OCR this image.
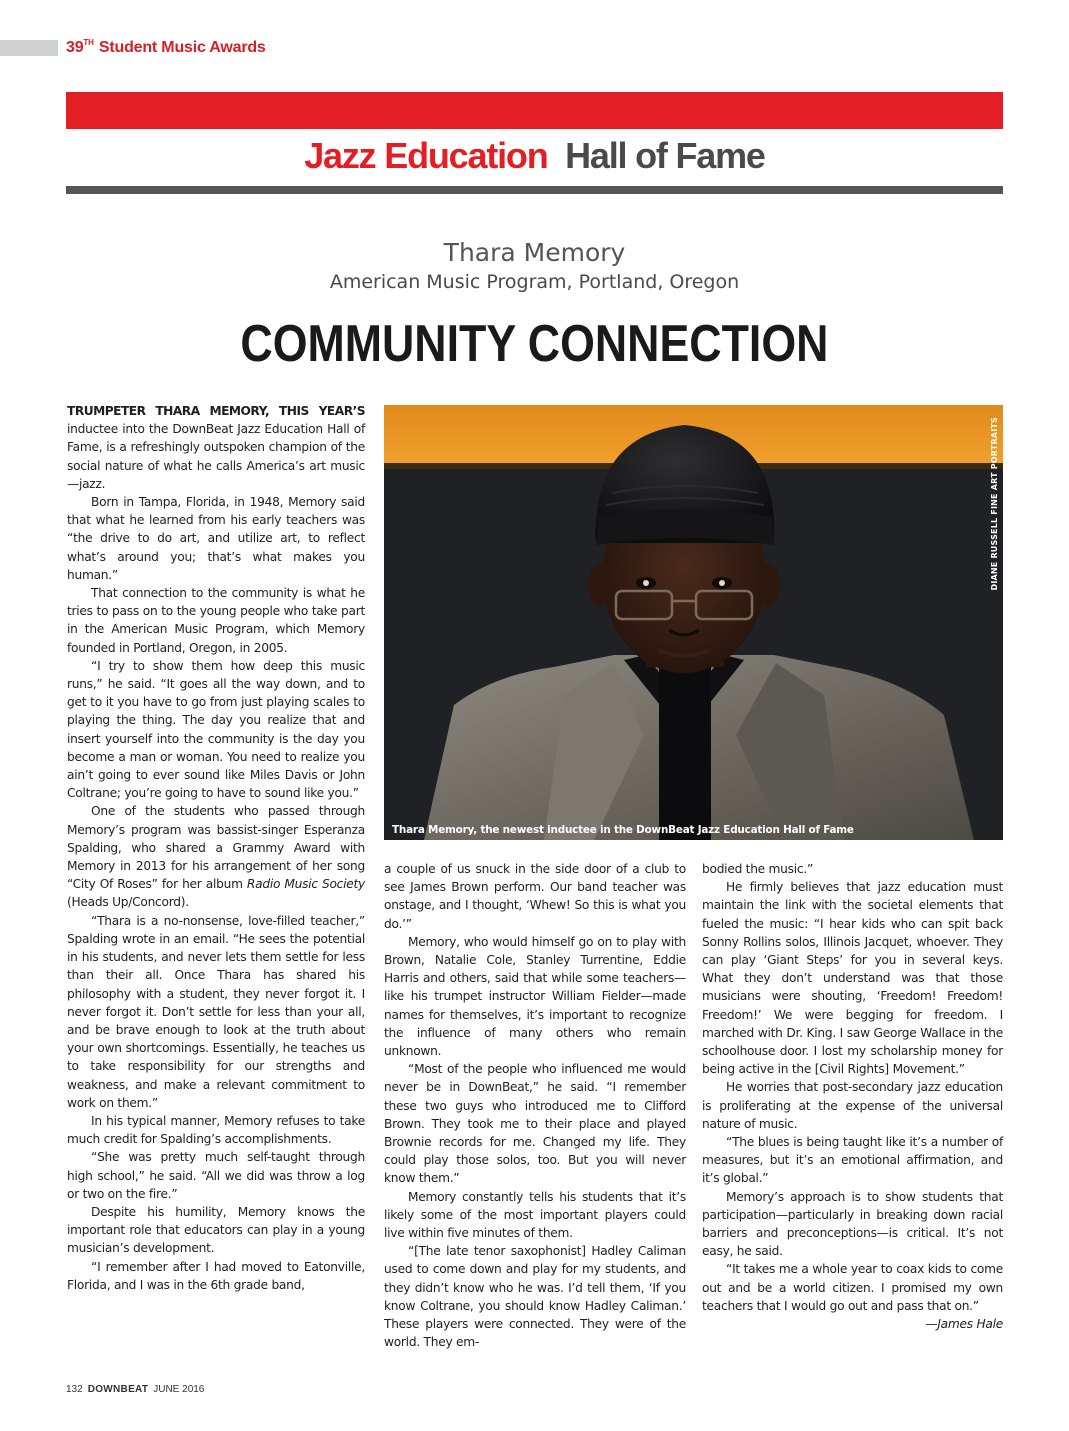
39TH Student Music Awards
Jazz Education Hall of Fame
Thara Memory
American Music Program, Portland, Oregon
COMMUNITY CONNECTION

TRUMPETER THARA MEMORY, THIS YEAR’S inductee into the DownBeat Jazz Education Hall of Fame, is a refreshingly outspoken champion of the social nature of what he calls America’s art music—jazz.

Born in Tampa, Florida, in 1948, Memory said that what he learned from his early teachers was “the drive to do art, and utilize art, to reflect what’s around you; that’s what makes you human.”

That connection to the community is what he tries to pass on to the young people who take part in the American Music Program, which Memory founded in Portland, Oregon, in 2005.

“I try to show them how deep this music runs,” he said. “It goes all the way down, and to get to it you have to go from just playing scales to playing the thing. The day you realize that and insert yourself into the community is the day you become a man or woman. You need to realize you ain’t going to ever sound like Miles Davis or John Coltrane; you’re going to have to sound like you.”

One of the students who passed through Memory’s program was bassist-singer Esperanza Spalding, who shared a Grammy Award with Memory in 2013 for his arrangement of her song “City Of Roses” for her album Radio Music Society (Heads Up/Concord).

“Thara is a no-nonsense, love-filled teacher,” Spalding wrote in an email. “He sees the potential in his students, and never lets them settle for less than their all. Once Thara has shared his philosophy with a student, they never forgot it. I never forgot it. Don’t settle for less than your all, and be brave enough to look at the truth about your own shortcomings. Essentially, he teaches us to take responsibility for our strengths and weakness, and make a relevant commitment to work on them.”

In his typical manner, Memory refuses to take much credit for Spalding’s accomplishments.

“She was pretty much self-taught through high school,” he said. “All we did was throw a log or two on the fire.”

Despite his humility, Memory knows the important role that educators can play in a young musician’s development.

“I remember after I had moved to Eatonville, Florida, and I was in the 6th grade band,

DIANE RUSSELL FINE ART PORTRAITS
Thara Memory, the newest inductee in the DownBeat Jazz Education Hall of Fame

a couple of us snuck in the side door of a club to see James Brown perform. Our band teacher was onstage, and I thought, ‘Whew! So this is what you do.’”

Memory, who would himself go on to play with Brown, Natalie Cole, Stanley Turrentine, Eddie Harris and others, said that while some teachers—like his trumpet instructor William Fielder—made names for themselves, it’s important to recognize the influence of many others who remain unknown.

“Most of the people who influenced me would never be in DownBeat,” he said. “I remember these two guys who introduced me to Clifford Brown. They took me to their place and played Brownie records for me. Changed my life. They could play those solos, too. But you will never know them.”

Memory constantly tells his students that it’s likely some of the most important players could live within five minutes of them.

“[The late tenor saxophonist] Hadley Caliman used to come down and play for my students, and they didn’t know who he was. I’d tell them, ‘If you know Coltrane, you should know Hadley Caliman.’ These players were connected. They were of the world. They em-

bodied the music.”

He firmly believes that jazz education must maintain the link with the societal elements that fueled the music: “I hear kids who can spit back Sonny Rollins solos, Illinois Jacquet, whoever. They can play ‘Giant Steps’ for you in several keys. What they don’t understand was that those musicians were shouting, ‘Freedom! Freedom! Freedom!’ We were begging for freedom. I marched with Dr. King. I saw George Wallace in the schoolhouse door. I lost my scholarship money for being active in the [Civil Rights] Movement.”

He worries that post-secondary jazz education is proliferating at the expense of the universal nature of music.

“The blues is being taught like it’s a number of measures, but it’s an emotional affirmation, and it’s global.”

Memory’s approach is to show students that participation—particularly in breaking down racial barriers and preconceptions—is critical. It’s not easy, he said.

“It takes me a whole year to coax kids to come out and be a world citizen. I promised my own teachers that I would go out and pass that on.”

—James Hale

132 DOWNBEAT JUNE 2016
